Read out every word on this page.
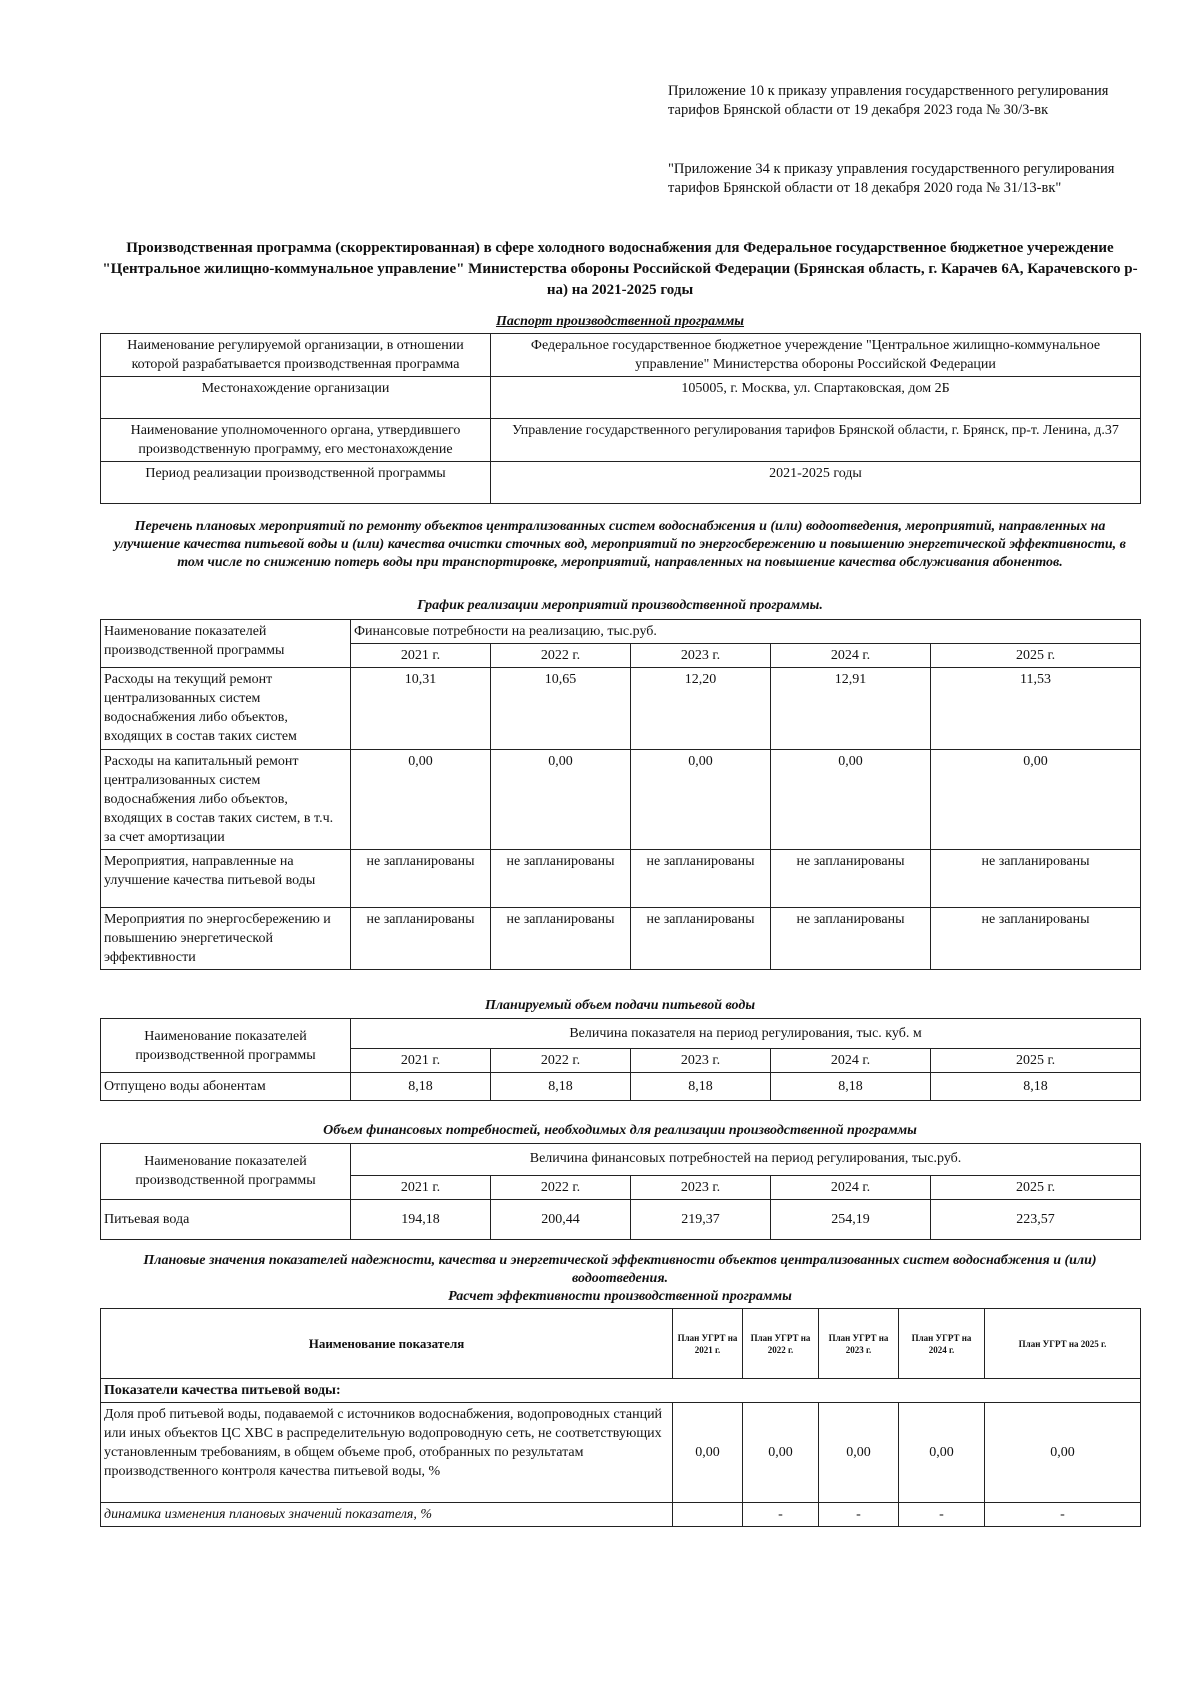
Приложение 10 к приказу управления государственного регулирования тарифов Брянской области от 19 декабря 2023 года № 30/3-вк
"Приложение 34 к приказу управления государственного регулирования тарифов Брянской области от 18 декабря 2020 года № 31/13-вк"
Производственная программа (скорректированная) в сфере холодного водоснабжения для Федеральное государственное бюджетное учереждение "Центральное жилищно-коммунальное управление" Министерства обороны Российской Федерации (Брянская область, г. Карачев 6А, Карачевского р-на) на 2021-2025 годы
Паспорт производственной программы
Наименование регулируемой организации, в отношении которой разрабатывается производственная программа	Федеральное государственное бюджетное учереждение "Центральное жилищно-коммунальное управление" Министерства обороны Российской Федерации
Местонахождение организации	105005, г. Москва, ул. Спартаковская, дом 2Б
Наименование уполномоченного органа, утвердившего производственную программу, его местонахождение	Управление государственного регулирования тарифов Брянской области, г. Брянск, пр-т. Ленина, д.37
Период реализации производственной программы	2021-2025 годы
Перечень плановых мероприятий по ремонту объектов централизованных систем водоснабжения и (или) водоотведения, мероприятий, направленных на улучшение качества питьевой воды и (или) качества очистки сточных вод, мероприятий по энергосбережению и повышению энергетической эффективности, в том числе по снижению потерь воды при транспортировке, мероприятий, направленных на повышение качества обслуживания абонентов.
График реализации мероприятий производственной программы.
Наименование показателей производственной программы	Финансовые потребности на реализацию, тыс.руб.				
	2021 г.	2022 г.	2023 г.	2024 г.	2025 г.
Расходы на текущий ремонт централизованных систем водоснабжения либо объектов, входящих в состав таких систем	10,31	10,65	12,20	12,91	11,53
Расходы на капитальный ремонт централизованных систем водоснабжения либо объектов, входящих в состав таких систем, в т.ч. за счет амортизации	0,00	0,00	0,00	0,00	0,00
Мероприятия, направленные на улучшение качества питьевой воды	не запланированы	не запланированы	не запланированы	не запланированы	не запланированы
Мероприятия по энергосбережению и повышению энергетической эффективности	не запланированы	не запланированы	не запланированы	не запланированы	не запланированы
Планируемый объем подачи питьевой воды
Наименование показателей производственной программы	Величина показателя на период регулирования, тыс. куб. м				
	2021 г.	2022 г.	2023 г.	2024 г.	2025 г.
Отпущено воды абонентам	8,18	8,18	8,18	8,18	8,18
Объем финансовых потребностей, необходимых для реализации производственной программы
Наименование показателей производственной программы	Величина финансовых потребностей на период регулирования, тыс.руб.				
	2021 г.	2022 г.	2023 г.	2024 г.	2025 г.
Питьевая вода	194,18	200,44	219,37	254,19	223,57
Плановые значения показателей надежности, качества и энергетической эффективности объектов централизованных систем водоснабжения и (или) водоотведения.
Расчет эффективности производственной программы
Наименование показателя	План УГРТ на 2021 г.	План УГРТ на 2022 г.	План УГРТ на 2023 г.	План УГРТ на 2024 г.	План УГРТ на 2025 г.
Показатели качества питьевой воды:					
Доля проб питьевой воды, подаваемой с источников водоснабжения, водопроводных станций или иных объектов ЦС ХВС в распределительную водопроводную сеть, не соответствующих установленным требованиям, в общем объеме проб, отобранных по результатам производственного контроля качества питьевой воды, %	0,00	0,00	0,00	0,00	0,00
динамика изменения плановых значений показателя, %		-	-	-	-
